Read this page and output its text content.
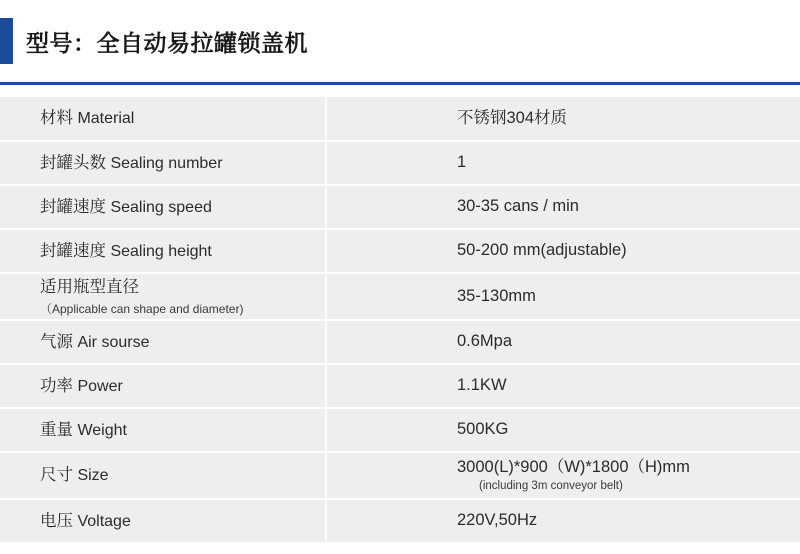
型号：全自动易拉罐锁盖机
材料 Material	不锈钢304材质

封罐头数 Sealing number	1

封罐速度 Sealing speed	30-35 cans / min

封罐速度 Sealing height	50-200 mm(adjustable)

适用瓶型直径
（Applicable can shape and diameter)	35-130mm

气源 Air sourse	0.6Mpa

功率 Power	1.1KW

重量 Weight	500KG

尺寸 Size	3000(L)*900（W)*1800（H)mm
(including 3m conveyor belt)

电压 Voltage	220V,50Hz
